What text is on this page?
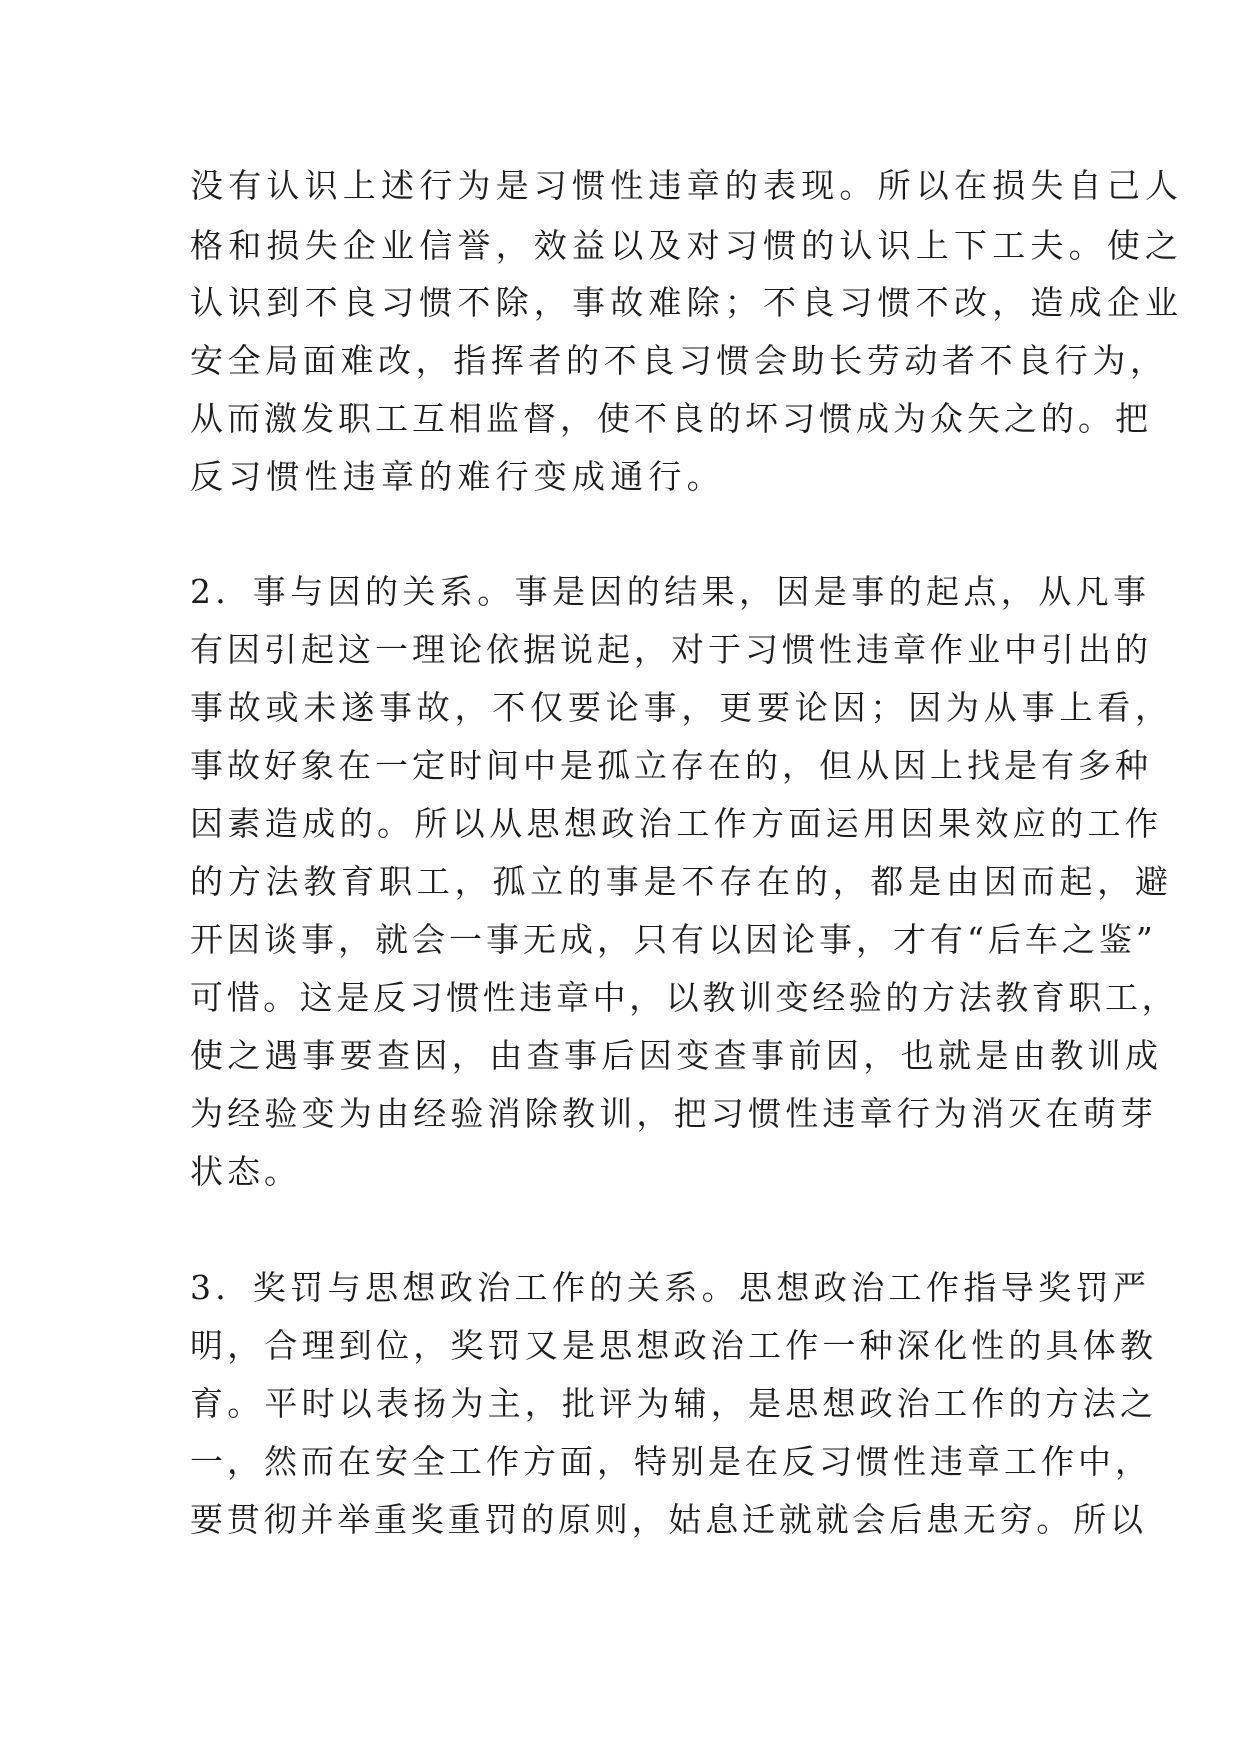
没有认识上述行为是习惯性违章的表现。所以在损失自己人
格和损失企业信誉，效益以及对习惯的认识上下工夫。使之
认识到不良习惯不除，事故难除；不良习惯不改，造成企业
安全局面难改，指挥者的不良习惯会助长劳动者不良行为，
从而激发职工互相监督，使不良的坏习惯成为众矢之的。把
反习惯性违章的难行变成通行。
2．事与因的关系。事是因的结果，因是事的起点，从凡事
有因引起这一理论依据说起，对于习惯性违章作业中引出的
事故或未遂事故，不仅要论事，更要论因；因为从事上看，
事故好象在一定时间中是孤立存在的，但从因上找是有多种
因素造成的。所以从思想政治工作方面运用因果效应的工作
的方法教育职工，孤立的事是不存在的，都是由因而起，避
开因谈事，就会一事无成，只有以因论事，才有“后车之鉴”
可惜。这是反习惯性违章中，以教训变经验的方法教育职工，
使之遇事要查因，由查事后因变查事前因，也就是由教训成
为经验变为由经验消除教训，把习惯性违章行为消灭在萌芽
状态。
3．奖罚与思想政治工作的关系。思想政治工作指导奖罚严
明，合理到位，奖罚又是思想政治工作一种深化性的具体教
育。平时以表扬为主，批评为辅，是思想政治工作的方法之
一，然而在安全工作方面，特别是在反习惯性违章工作中，
要贯彻并举重奖重罚的原则，姑息迁就就会后患无穷。所以
